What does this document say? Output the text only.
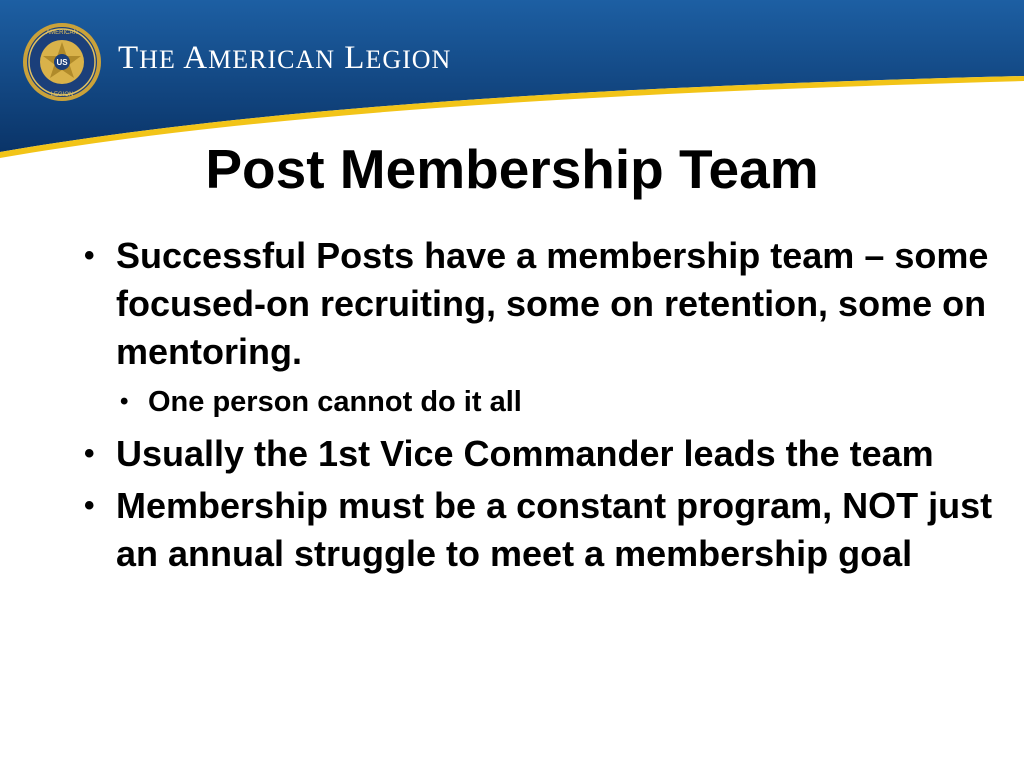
US
AMERICAN
LEGION
THE AMERICAN LEGION
Post Membership Team
• Successful Posts have a membership team – some focused-on recruiting, some on retention, some on mentoring.
• One person cannot do it all
• Usually the 1st Vice Commander leads the team
• Membership must be a constant program, NOT just an annual struggle to meet a membership goal
